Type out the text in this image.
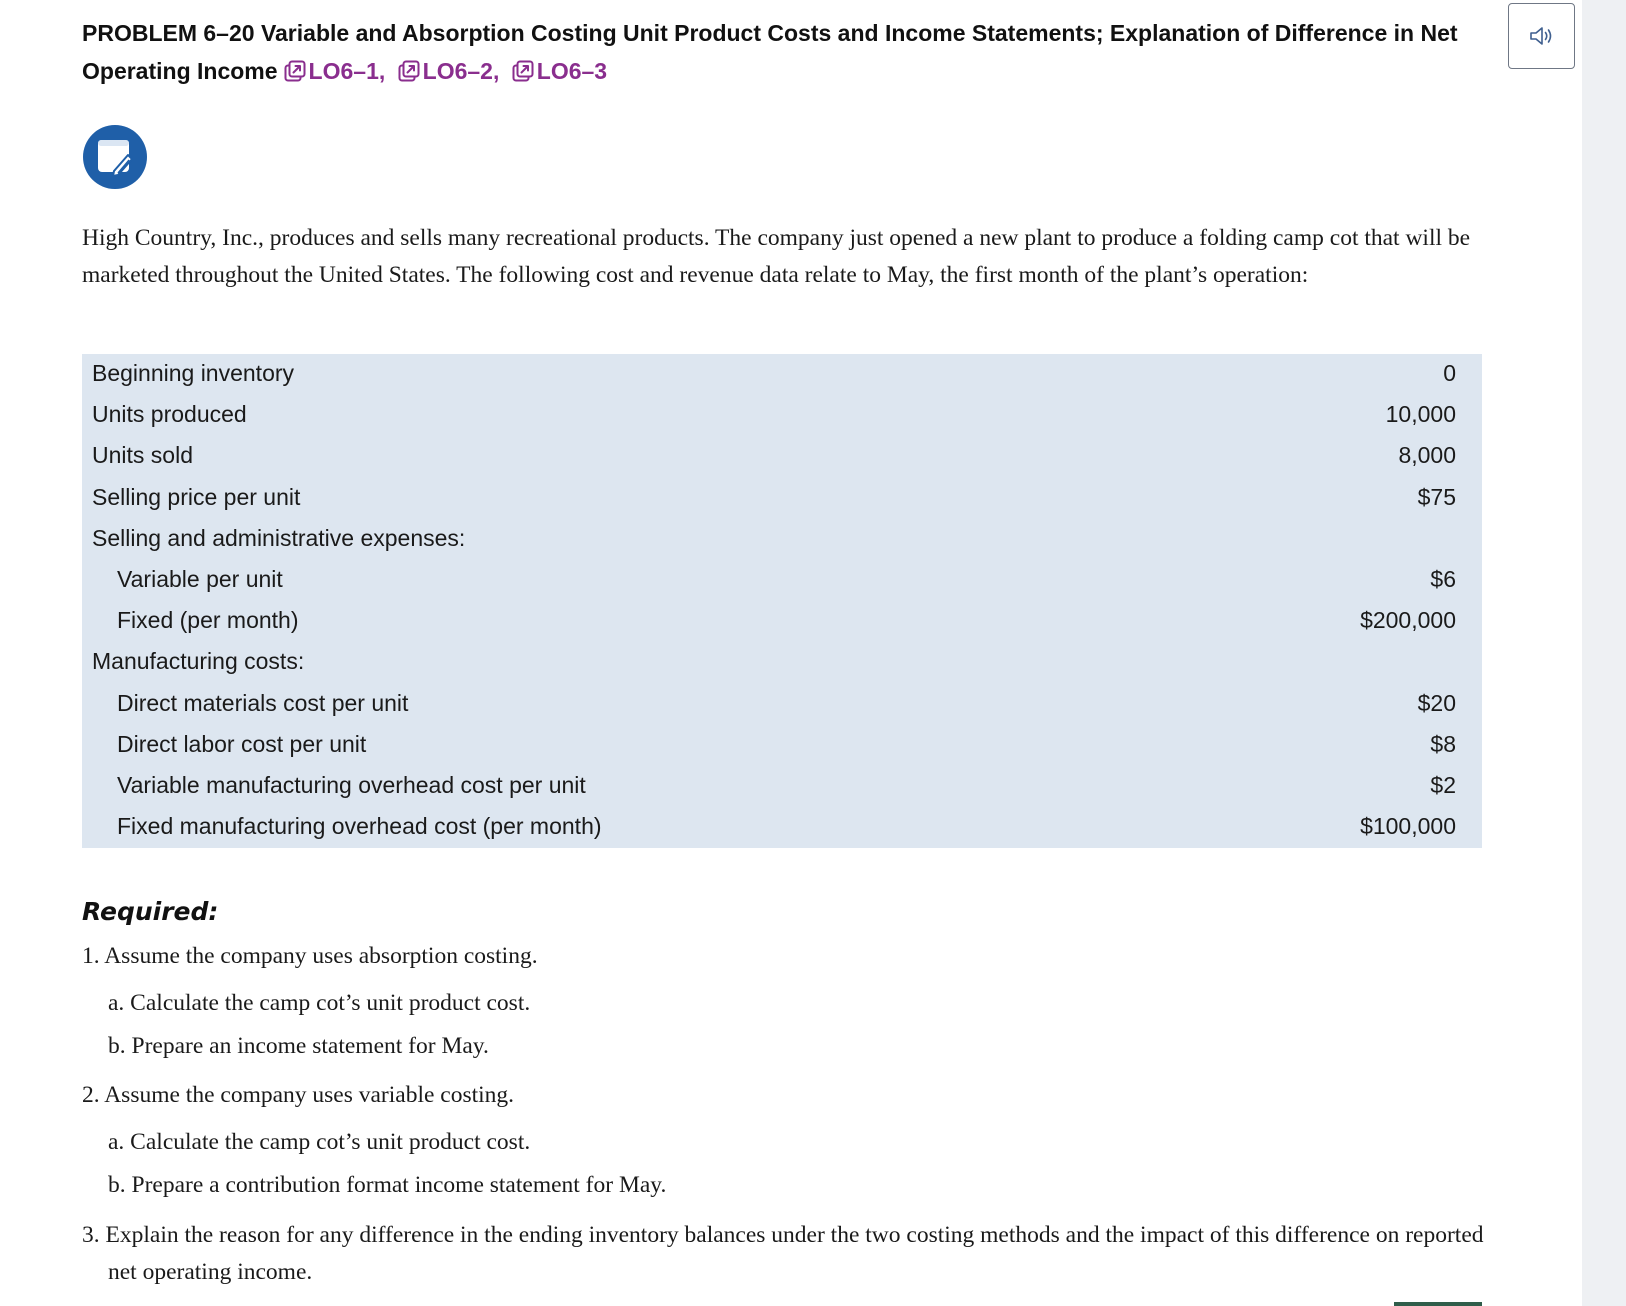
PROBLEM 6–20 Variable and Absorption Costing Unit Product Costs and Income Statements; Explanation of Difference in Net Operating Income LO6–1, LO6–2, LO6–3

High Country, Inc., produces and sells many recreational products. The company just opened a new plant to produce a folding camp cot that will be marketed throughout the United States. The following cost and revenue data relate to May, the first month of the plant’s operation:

Beginning inventory	0
Units produced	10,000
Units sold	8,000
Selling price per unit	$75
Selling and administrative expenses:
Variable per unit	$6
Fixed (per month)	$200,000
Manufacturing costs:
Direct materials cost per unit	$20
Direct labor cost per unit	$8
Variable manufacturing overhead cost per unit	$2
Fixed manufacturing overhead cost (per month)	$100,000
Required:
1. Assume the company uses absorption costing.
a. Calculate the camp cot’s unit product cost.
b. Prepare an income statement for May.
2. Assume the company uses variable costing.
a. Calculate the camp cot’s unit product cost.
b. Prepare a contribution format income statement for May.
3. Explain the reason for any difference in the ending inventory balances under the two costing methods and the impact of this difference on reported net operating income.
